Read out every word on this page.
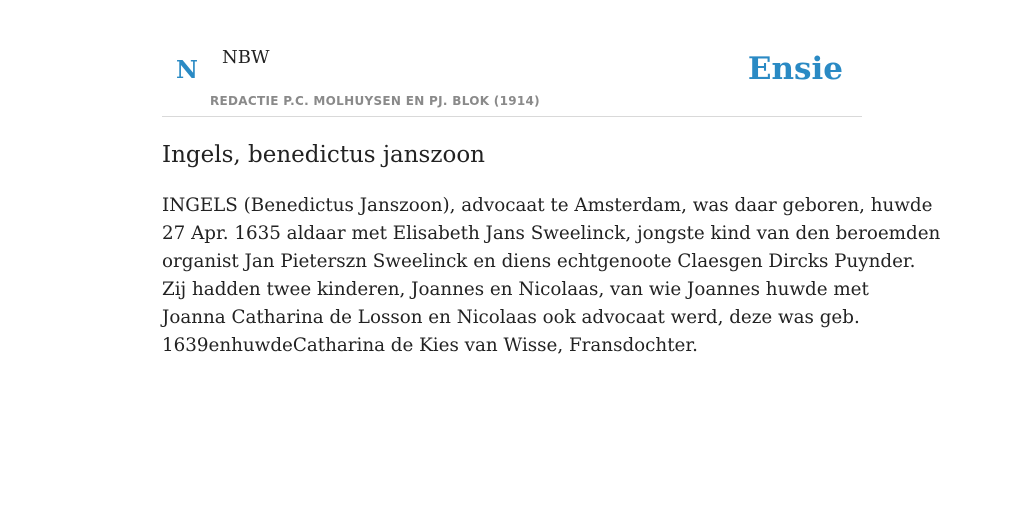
N NBW
REDACTIE P.C. MOLHUYSEN EN PJ. BLOK (1914)
Ensie
Ingels, benedictus janszoon

INGELS (Benedictus Janszoon), advocaat te Amsterdam, was daar geboren, huwde
27 Apr. 1635 aldaar met Elisabeth Jans Sweelinck, jongste kind van den beroemden
organist Jan Pieterszn Sweelinck en diens echtgenoote Claesgen Dircks Puynder.
Zij hadden twee kinderen, Joannes en Nicolaas, van wie Joannes huwde met
Joanna Catharina de Losson en Nicolaas ook advocaat werd, deze was geb.
1639enhuwdeCatharina de Kies van Wisse, Fransdochter.
